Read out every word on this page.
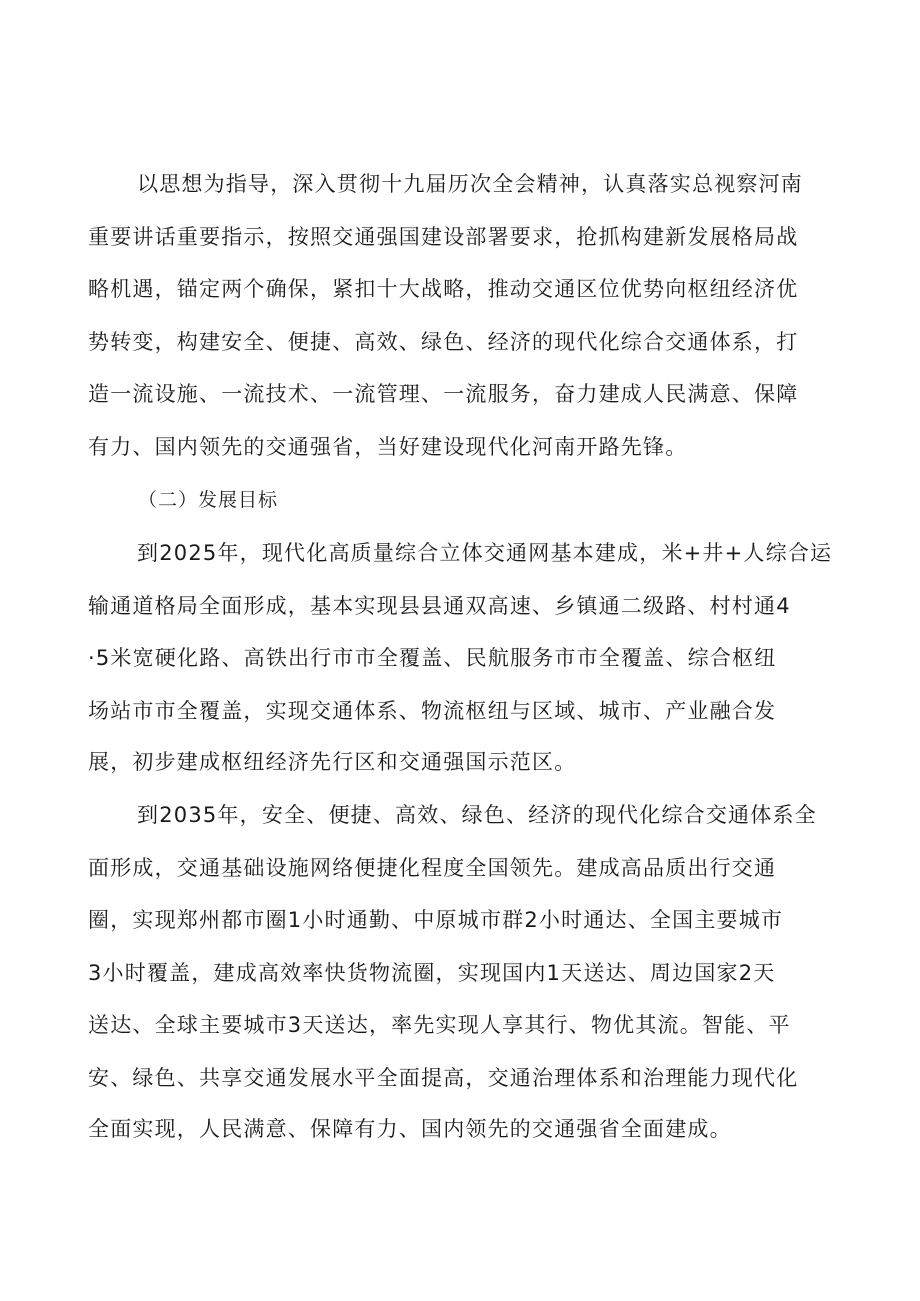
以思想为指导，深入贯彻十九届历次全会精神，认真落实总视察河南

重要讲话重要指示，按照交通强国建设部署要求，抢抓构建新发展格局战

略机遇，锚定两个确保，紧扣十大战略，推动交通区位优势向枢纽经济优

势转变，构建安全、便捷、高效、绿色、经济的现代化综合交通体系，打

造一流设施、一流技术、一流管理、一流服务，奋力建成人民满意、保障

有力、国内领先的交通强省，当好建设现代化河南开路先锋。

（二）发展目标

到2025年，现代化高质量综合立体交通网基本建成，米+井+人综合运

输通道格局全面形成，基本实现县县通双高速、乡镇通二级路、村村通4

·5米宽硬化路、高铁出行市市全覆盖、民航服务市市全覆盖、综合枢纽

场站市市全覆盖，实现交通体系、物流枢纽与区域、城市、产业融合发

展，初步建成枢纽经济先行区和交通强国示范区。

到2035年，安全、便捷、高效、绿色、经济的现代化综合交通体系全

面形成，交通基础设施网络便捷化程度全国领先。建成高品质出行交通

圈，实现郑州都市圈1小时通勤、中原城市群2小时通达、全国主要城市

3小时覆盖，建成高效率快货物流圈，实现国内1天送达、周边国家2天

送达、全球主要城市3天送达，率先实现人享其行、物优其流。智能、平

安、绿色、共享交通发展水平全面提高，交通治理体系和治理能力现代化

全面实现，人民满意、保障有力、国内领先的交通强省全面建成。
